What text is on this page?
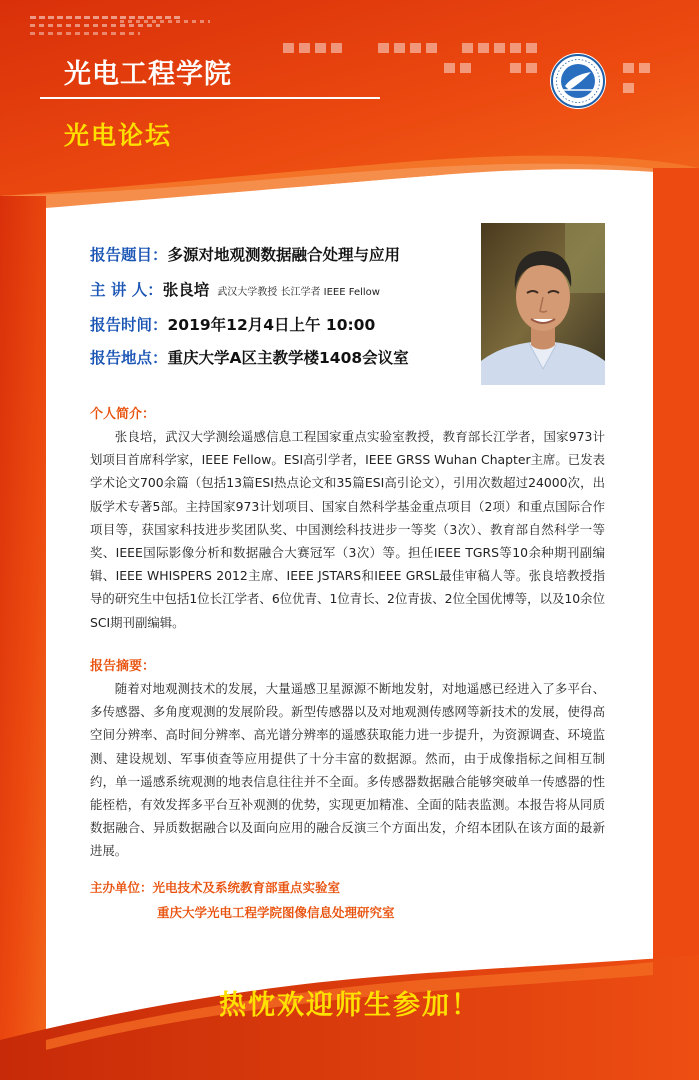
光电工程学院
光电论坛
报告题目：多源对地观测数据融合处理与应用
主 讲 人：张良培 武汉大学教授 长江学者 IEEE Fellow
报告时间：2019年12月4日上午 10:00
报告地点：重庆大学A区主教学楼1408会议室
个人简介：

张良培，武汉大学测绘遥感信息工程国家重点实验室教授，教育部长江学者，国家973计划项目首席科学家，IEEE Fellow。ESI高引学者，IEEE GRSS Wuhan Chapter主席。已发表学术论文700余篇（包括13篇ESI热点论文和35篇ESI高引论文），引用次数超过24000次，出版学术专著5部。主持国家973计划项目、国家自然科学基金重点项目（2项）和重点国际合作项目等，获国家科技进步奖团队奖、中国测绘科技进步一等奖（3次）、教育部自然科学一等奖、IEEE国际影像分析和数据融合大赛冠军（3次）等。担任IEEE TGRS等10余种期刊副编辑、IEEE WHISPERS 2012主席、IEEE JSTARS和IEEE GRSL最佳审稿人等。张良培教授指导的研究生中包括1位长江学者、6位优青、1位青长、2位青拔、2位全国优博等，以及10余位SCI期刊副编辑。

报告摘要：

随着对地观测技术的发展，大量遥感卫星源源不断地发射，对地遥感已经进入了多平台、多传感器、多角度观测的发展阶段。新型传感器以及对地观测传感网等新技术的发展，使得高空间分辨率、高时间分辨率、高光谱分辨率的遥感获取能力进一步提升，为资源调查、环境监测、建设规划、军事侦查等应用提供了十分丰富的数据源。然而，由于成像指标之间相互制约，单一遥感系统观测的地表信息往往并不全面。多传感器数据融合能够突破单一传感器的性能桎梏，有效发挥多平台互补观测的优势，实现更加精准、全面的陆表监测。本报告将从同质数据融合、异质数据融合以及面向应用的融合反演三个方面出发，介绍本团队在该方面的最新进展。

主办单位：光电技术及系统教育部重点实验室
重庆大学光电工程学院图像信息处理研究室

热忱欢迎师生参加！
